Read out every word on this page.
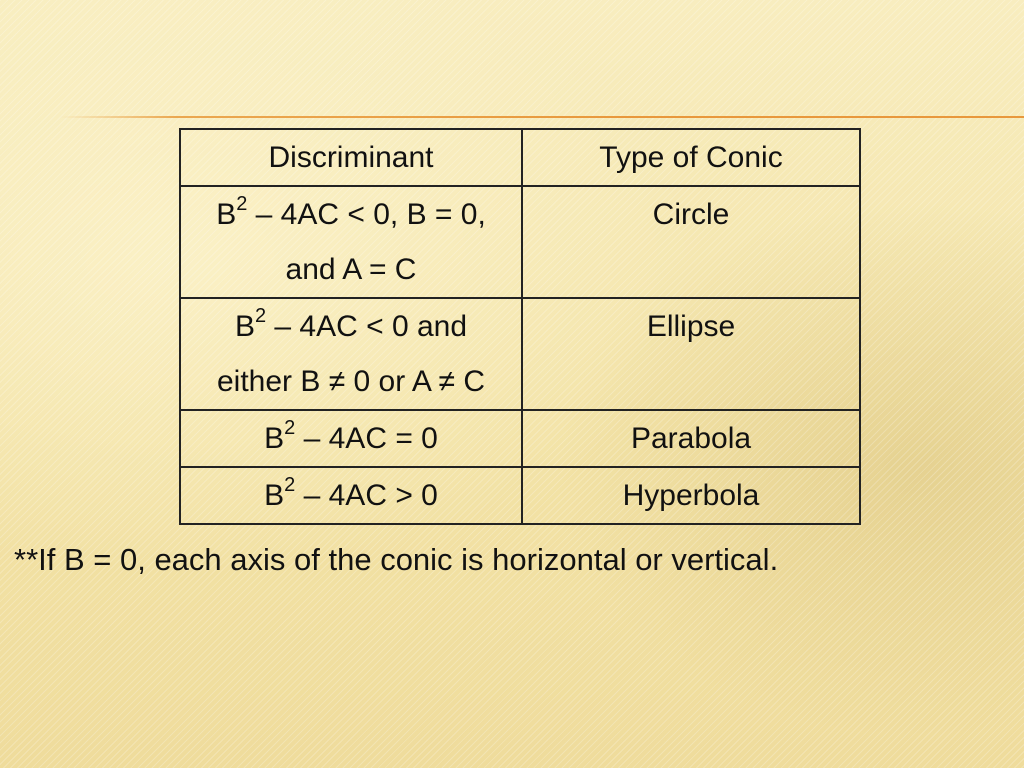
Discriminant	Type of Conic

$B^2 - 4AC < 0$, B = 0,
and A = C	Circle

$B^2 - 4AC < 0$ and
either B ≠ 0 or A ≠ C	Ellipse

$B^2 - 4AC = 0$	Parabola

$B^2 - 4AC > 0$	Hyperbola
**If B = 0, each axis of the conic is horizontal or vertical.
